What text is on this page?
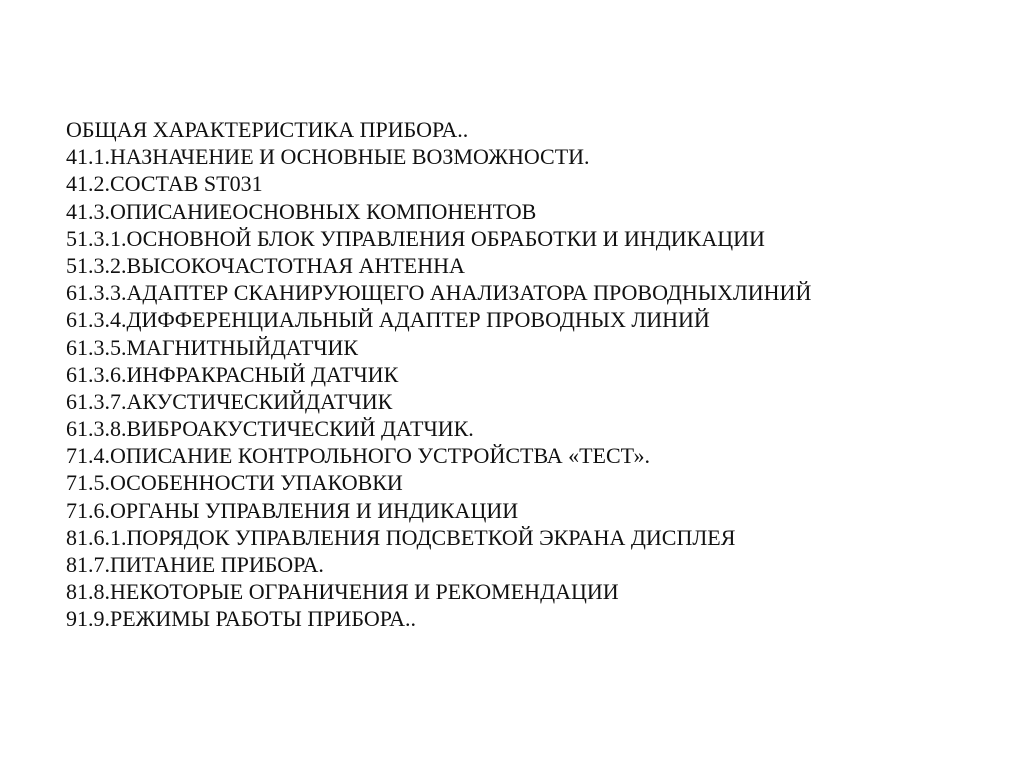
ОБЩАЯ ХАРАКТЕРИСТИКА ПРИБОРА..
41.1.НАЗНАЧЕНИЕ И ОСНОВНЫЕ ВОЗМОЖНОСТИ.
41.2.СОСТАВ ST031
41.3.ОПИСАНИЕОСНОВНЫХ КОМПОНЕНТОВ
51.3.1.ОСНОВНОЙ БЛОК УПРАВЛЕНИЯ ОБРАБОТКИ И ИНДИКАЦИИ
51.3.2.ВЫСОКОЧАСТОТНАЯ АНТЕННА
61.3.3.АДАПТЕР СКАНИРУЮЩЕГО АНАЛИЗАТОРА ПРОВОДНЫХЛИНИЙ
61.3.4.ДИФФЕРЕНЦИАЛЬНЫЙ АДАПТЕР ПРОВОДНЫХ ЛИНИЙ
61.3.5.МАГНИТНЫЙДАТЧИК
61.3.6.ИНФРАКРАСНЫЙ ДАТЧИК
61.3.7.АКУСТИЧЕСКИЙДАТЧИК
61.3.8.ВИБРОАКУСТИЧЕСКИЙ ДАТЧИК.
71.4.ОПИСАНИЕ КОНТРОЛЬНОГО УСТРОЙСТВА «ТЕСТ».
71.5.ОСОБЕННОСТИ УПАКОВКИ
71.6.ОРГАНЫ УПРАВЛЕНИЯ И ИНДИКАЦИИ
81.6.1.ПОРЯДОК УПРАВЛЕНИЯ ПОДСВЕТКОЙ ЭКРАНА ДИСПЛЕЯ
81.7.ПИТАНИЕ ПРИБОРА.
81.8.НЕКОТОРЫЕ ОГРАНИЧЕНИЯ И РЕКОМЕНДАЦИИ
91.9.РЕЖИМЫ РАБОТЫ ПРИБОРА..
